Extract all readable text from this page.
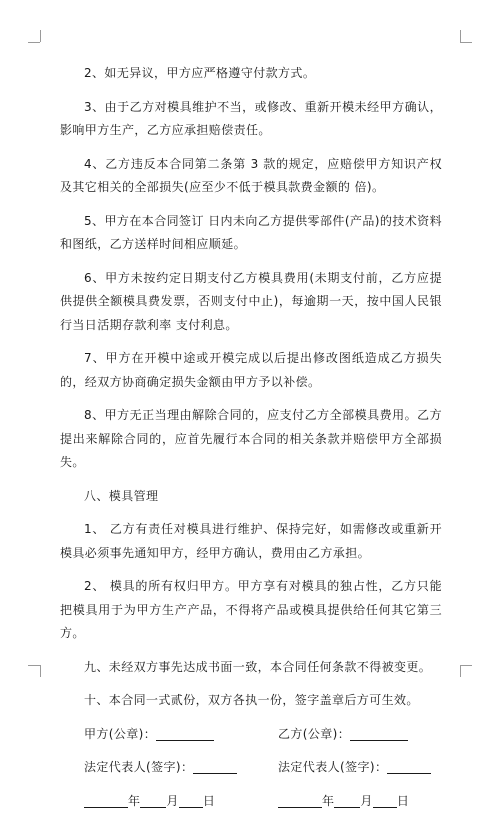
2、如无异议，甲方应严格遵守付款方式。

3、由于乙方对模具维护不当，或修改、重新开模未经甲方确认，影响甲方生产，乙方应承担赔偿责任。

4、乙方违反本合同第二条第 3 款的规定，应赔偿甲方知识产权及其它相关的全部损失(应至少不低于模具款费金额的 倍)。

5、甲方在本合同签订 日内未向乙方提供零部件(产品)的技术资料和图纸，乙方送样时间相应顺延。

6、甲方未按约定日期支付乙方模具费用(未期支付前，乙方应提供提供全额模具费发票，否则支付中止)，每逾期一天，按中国人民银行当日活期存款利率 支付利息。

7、甲方在开模中途或开模完成以后提出修改图纸造成乙方损失的，经双方协商确定损失金额由甲方予以补偿。

8、甲方无正当理由解除合同的，应支付乙方全部模具费用。乙方提出来解除合同的，应首先履行本合同的相关条款并赔偿甲方全部损失。

八、模具管理

1、 乙方有责任对模具进行维护、保持完好，如需修改或重新开模具必须事先通知甲方，经甲方确认，费用由乙方承担。

2、 模具的所有权归甲方。甲方享有对模具的独占性，乙方只能把模具用于为甲方生产产品，不得将产品或模具提供给任何其它第三方。

九、未经双方事先达成书面一致，本合同任何条款不得被变更。

十、本合同一式贰份，双方各执一份，签字盖章后方可生效。

甲方(公章)：	乙方(公章)：
法定代表人(签字)：	法定代表人(签字)：
年 月 日	年 月 日
